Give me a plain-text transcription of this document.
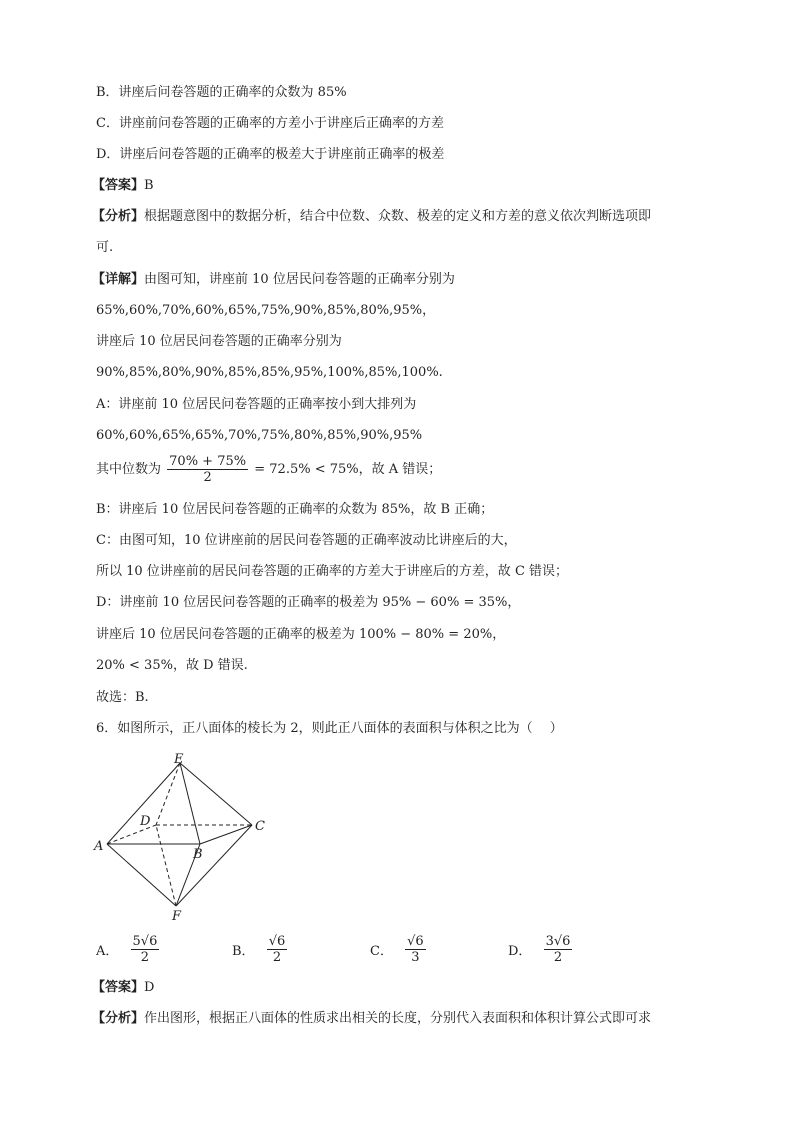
B．讲座后问卷答题的正确率的众数为 85%
C．讲座前问卷答题的正确率的方差小于讲座后正确率的方差
D．讲座后问卷答题的正确率的极差大于讲座前正确率的极差
【答案】B
【分析】根据题意图中的数据分析，结合中位数、众数、极差的定义和方差的意义依次判断选项即
可.
【详解】由图可知，讲座前 10 位居民问卷答题的正确率分别为
65%,60%,70%,60%,65%,75%,90%,85%,80%,95%，
讲座后 10 位居民问卷答题的正确率分别为
90%,85%,80%,90%,85%,85%,95%,100%,85%,100%.
A：讲座前 10 位居民问卷答题的正确率按小到大排列为
60%,60%,65%,65%,70%,75%,80%,85%,90%,95%
其中位数为 $\frac{70\% + 75\%}{2} = 72.5\% < 75\%$，故 A 错误；
B：讲座后 10 位居民问卷答题的正确率的众数为 85%，故 B 正确；
C：由图可知，10 位讲座前的居民问卷答题的正确率波动比讲座后的大，
所以 10 位讲座前的居民问卷答题的正确率的方差大于讲座后的方差，故 C 错误；
D：讲座前 10 位居民问卷答题的正确率的极差为 95% − 60% = 35%，
讲座后 10 位居民问卷答题的正确率的极差为 100% − 80% = 20%，
20% < 35%，故 D 错误.
故选：B.
6．如图所示，正八面体的棱长为 2，则此正八面体的表面积与体积之比为（　 ）
E
D	C
A
B
F
A． $\frac{5√6}{2}$	B． $\frac{√6}{2}$	C． $\frac{√6}{3}$	D． $\frac{3√6}{2}$
【答案】D
【分析】作出图形，根据正八面体的性质求出相关的长度，分别代入表面积和体积计算公式即可求
